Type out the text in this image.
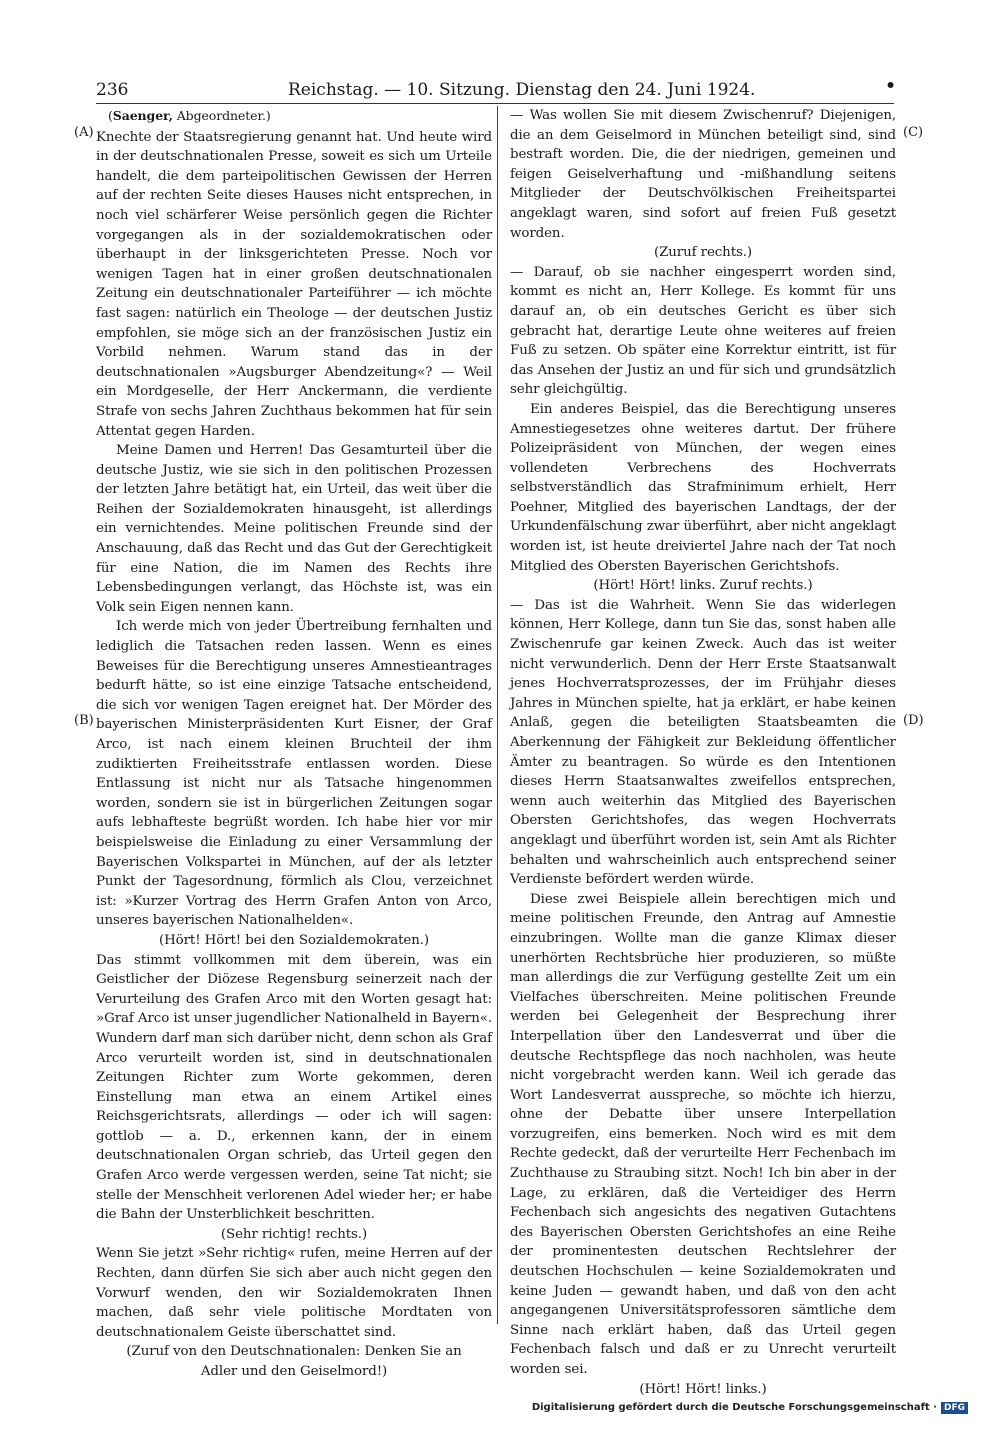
236	Reichstag. — 10. Sitzung. Dienstag den 24. Juni 1924.	•
(A)
(B)
(C)
(D)

(Saenger, Abgeordneter.)

Knechte der Staatsregierung genannt hat. Und heute wird in der deutschnationalen Presse, soweit es sich um Urteile handelt, die dem parteipolitischen Gewissen der Herren auf der rechten Seite dieses Hauses nicht entsprechen, in noch viel schärferer Weise persönlich gegen die Richter vorgegangen als in der sozialdemokratischen oder überhaupt in der linksgerichteten Presse. Noch vor wenigen Tagen hat in einer großen deutschnationalen Zeitung ein deutschnationaler Parteiführer — ich möchte fast sagen: natürlich ein Theologe — der deutschen Justiz empfohlen, sie möge sich an der französischen Justiz ein Vorbild nehmen. Warum stand das in der deutschnationalen »Augsburger Abendzeitung«? — Weil ein Mordgeselle, der Herr Anckermann, die verdiente Strafe von sechs Jahren Zuchthaus bekommen hat für sein Attentat gegen Harden.

Meine Damen und Herren! Das Gesamturteil über die deutsche Justiz, wie sie sich in den politischen Prozessen der letzten Jahre betätigt hat, ein Urteil, das weit über die Reihen der Sozialdemokraten hinausgeht, ist allerdings ein vernichtendes. Meine politischen Freunde sind der Anschauung, daß das Recht und das Gut der Gerechtigkeit für eine Nation, die im Namen des Rechts ihre Lebensbedingungen verlangt, das Höchste ist, was ein Volk sein Eigen nennen kann.

Ich werde mich von jeder Übertreibung fernhalten und lediglich die Tatsachen reden lassen. Wenn es eines Beweises für die Berechtigung unseres Amnestieantrages bedurft hätte, so ist eine einzige Tatsache entscheidend, die sich vor wenigen Tagen ereignet hat. Der Mörder des bayerischen Ministerpräsidenten Kurt Eisner, der Graf Arco, ist nach einem kleinen Bruchteil der ihm zudiktierten Freiheitsstrafe entlassen worden. Diese Entlassung ist nicht nur als Tatsache hingenommen worden, sondern sie ist in bürgerlichen Zeitungen sogar aufs lebhafteste begrüßt worden. Ich habe hier vor mir beispielsweise die Einladung zu einer Versammlung der Bayerischen Volkspartei in München, auf der als letzter Punkt der Tagesordnung, förmlich als Clou, verzeichnet ist: »Kurzer Vortrag des Herrn Grafen Anton von Arco, unseres bayerischen Nationalhelden«.

(Hört! Hört! bei den Sozialdemokraten.)

Das stimmt vollkommen mit dem überein, was ein Geistlicher der Diözese Regensburg seinerzeit nach der Verurteilung des Grafen Arco mit den Worten gesagt hat: »Graf Arco ist unser jugendlicher Nationalheld in Bayern«. Wundern darf man sich darüber nicht, denn schon als Graf Arco verurteilt worden ist, sind in deutschnationalen Zeitungen Richter zum Worte gekommen, deren Einstellung man etwa an einem Artikel eines Reichsgerichtsrats, allerdings — oder ich will sagen: gottlob — a. D., erkennen kann, der in einem deutschnationalen Organ schrieb, das Urteil gegen den Grafen Arco werde vergessen werden, seine Tat nicht; sie stelle der Menschheit verlorenen Adel wieder her; er habe die Bahn der Unsterblichkeit beschritten.

(Sehr richtig! rechts.)

Wenn Sie jetzt »Sehr richtig« rufen, meine Herren auf der Rechten, dann dürfen Sie sich aber auch nicht gegen den Vorwurf wenden, den wir Sozialdemokraten Ihnen machen, daß sehr viele politische Mordtaten von deutschnationalem Geiste überschattet sind.

(Zuruf von den Deutschnationalen: Denken Sie an
Adler und den Geiselmord!)

— Was wollen Sie mit diesem Zwischenruf? Diejenigen, die an dem Geiselmord in München beteiligt sind, sind bestraft worden. Die, die der niedrigen, gemeinen und feigen Geiselverhaftung und -mißhandlung seitens Mitglieder der Deutschvölkischen Freiheitspartei angeklagt waren, sind sofort auf freien Fuß gesetzt worden.

(Zuruf rechts.)

— Darauf, ob sie nachher eingesperrt worden sind, kommt es nicht an, Herr Kollege. Es kommt für uns darauf an, ob ein deutsches Gericht es über sich gebracht hat, derartige Leute ohne weiteres auf freien Fuß zu setzen. Ob später eine Korrektur eintritt, ist für das Ansehen der Justiz an und für sich und grundsätzlich sehr gleichgültig.

Ein anderes Beispiel, das die Berechtigung unseres Amnestiegesetzes ohne weiteres dartut. Der frühere Polizeipräsident von München, der wegen eines vollendeten Verbrechens des Hochverrats selbstverständlich das Strafminimum erhielt, Herr Poehner, Mitglied des bayerischen Landtags, der der Urkundenfälschung zwar überführt, aber nicht angeklagt worden ist, ist heute dreiviertel Jahre nach der Tat noch Mitglied des Obersten Bayerischen Gerichtshofs.

(Hört! Hört! links. Zuruf rechts.)

— Das ist die Wahrheit. Wenn Sie das widerlegen können, Herr Kollege, dann tun Sie das, sonst haben alle Zwischenrufe gar keinen Zweck. Auch das ist weiter nicht verwunderlich. Denn der Herr Erste Staatsanwalt jenes Hochverratsprozesses, der im Frühjahr dieses Jahres in München spielte, hat ja erklärt, er habe keinen Anlaß, gegen die beteiligten Staatsbeamten die Aberkennung der Fähigkeit zur Bekleidung öffentlicher Ämter zu beantragen. So würde es den Intentionen dieses Herrn Staatsanwaltes zweifellos entsprechen, wenn auch weiterhin das Mitglied des Bayerischen Obersten Gerichtshofes, das wegen Hochverrats angeklagt und überführt worden ist, sein Amt als Richter behalten und wahrscheinlich auch entsprechend seiner Verdienste befördert werden würde.

Diese zwei Beispiele allein berechtigen mich und meine politischen Freunde, den Antrag auf Amnestie einzubringen. Wollte man die ganze Klimax dieser unerhörten Rechtsbrüche hier produzieren, so müßte man allerdings die zur Verfügung gestellte Zeit um ein Vielfaches überschreiten. Meine politischen Freunde werden bei Gelegenheit der Besprechung ihrer Interpellation über den Landesverrat und über die deutsche Rechtspflege das noch nachholen, was heute nicht vorgebracht werden kann. Weil ich gerade das Wort Landesverrat ausspreche, so möchte ich hierzu, ohne der Debatte über unsere Interpellation vorzugreifen, eins bemerken. Noch wird es mit dem Rechte gedeckt, daß der verurteilte Herr Fechenbach im Zuchthause zu Straubing sitzt. Noch! Ich bin aber in der Lage, zu erklären, daß die Verteidiger des Herrn Fechenbach sich angesichts des negativen Gutachtens des Bayerischen Obersten Gerichtshofes an eine Reihe der prominentesten deutschen Rechtslehrer der deutschen Hochschulen — keine Sozialdemokraten und keine Juden — gewandt haben, und daß von den acht angegangenen Universitätsprofessoren sämtliche dem Sinne nach erklärt haben, daß das Urteil gegen Fechenbach falsch und daß er zu Unrecht verurteilt worden sei.

(Hört! Hört! links.)

Digitalisierung gefördert durch die Deutsche Forschungsgemeinschaft · DFG
